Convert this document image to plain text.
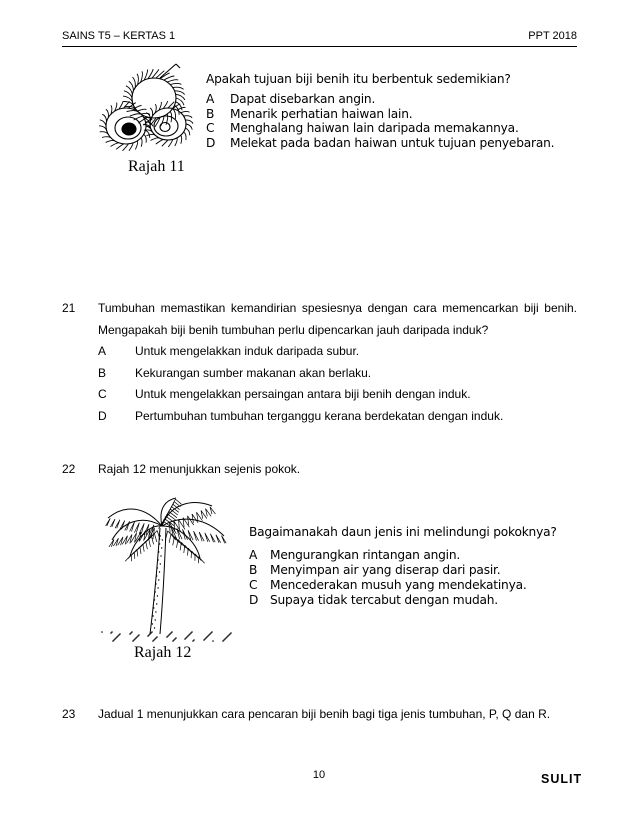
SAINS T5 – KERTAS 1	PPT 2018
Rajah 11
Apakah tujuan biji benih itu berbentuk sedemikian?
A Dapat disebarkan angin.
B Menarik perhatian haiwan lain.
C Menghalang haiwan lain daripada memakannya.
D Melekat pada badan haiwan untuk tujuan penyebaran.
21 Tumbuhan memastikan kemandirian spesiesnya dengan cara memencarkan biji benih.
Mengapakah biji benih tumbuhan perlu dipencarkan jauh daripada induk?
A Untuk mengelakkan induk daripada subur.
B Kekurangan sumber makanan akan berlaku.
C Untuk mengelakkan persaingan antara biji benih dengan induk.
D Pertumbuhan tumbuhan terganggu kerana berdekatan dengan induk.
22 Rajah 12 menunjukkan sejenis pokok.
Rajah 12
Bagaimanakah daun jenis ini melindungi pokoknya?
A Mengurangkan rintangan angin.
B Menyimpan air yang diserap dari pasir.
C Mencederakan musuh yang mendekatinya.
D Supaya tidak tercabut dengan mudah.
23 Jadual 1 menunjukkan cara pencaran biji benih bagi tiga jenis tumbuhan, P, Q dan R.
10	SULIT
